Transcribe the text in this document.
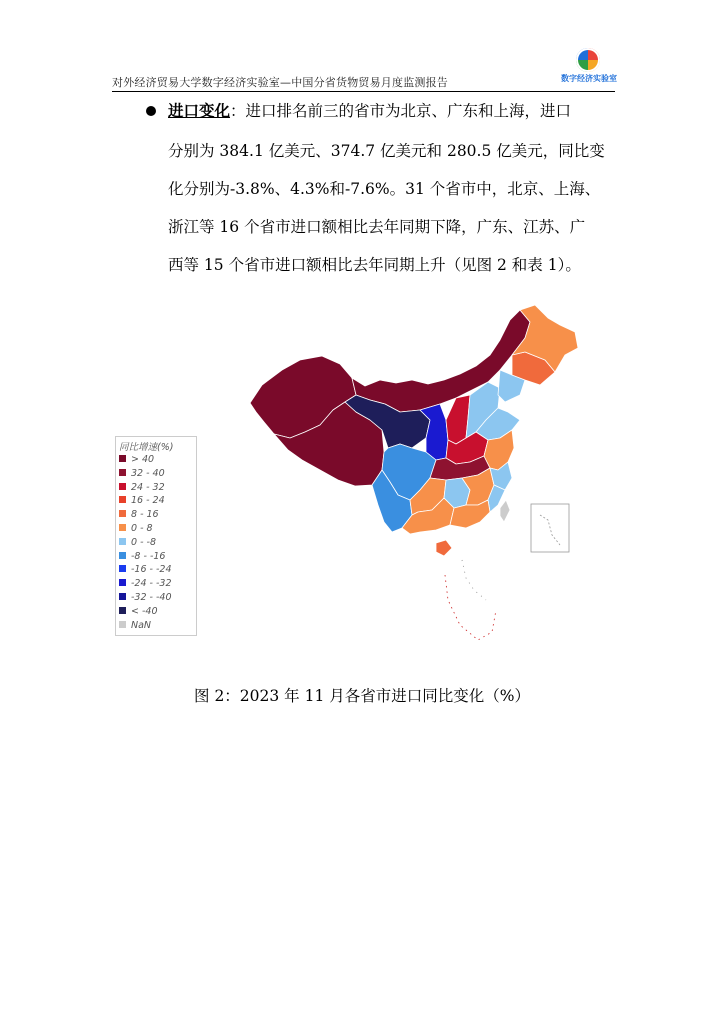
对外经济贸易大学数字经济实验室—中国分省货物贸易月度监测报告	数字经济实验室
进口变化：进口排名前三的省市为北京、广东和上海，进口
分别为 384.1 亿美元、374.7 亿美元和 280.5 亿美元，同比变
化分别为-3.8%、4.3%和-7.6%。31 个省市中，北京、上海、
浙江等 16 个省市进口额相比去年同期下降，广东、江苏、广
西等 15 个省市进口额相比去年同期上升（见图 2 和表 1）。
同比增速(%)
> 40
32 - 40
24 - 32
16 - 24
8 - 16
0 - 8
0 - -8
-8 - -16
-16 - -24
-24 - -32
-32 - -40
< -40
NaN
图 2：2023 年 11 月各省市进口同比变化（%）
